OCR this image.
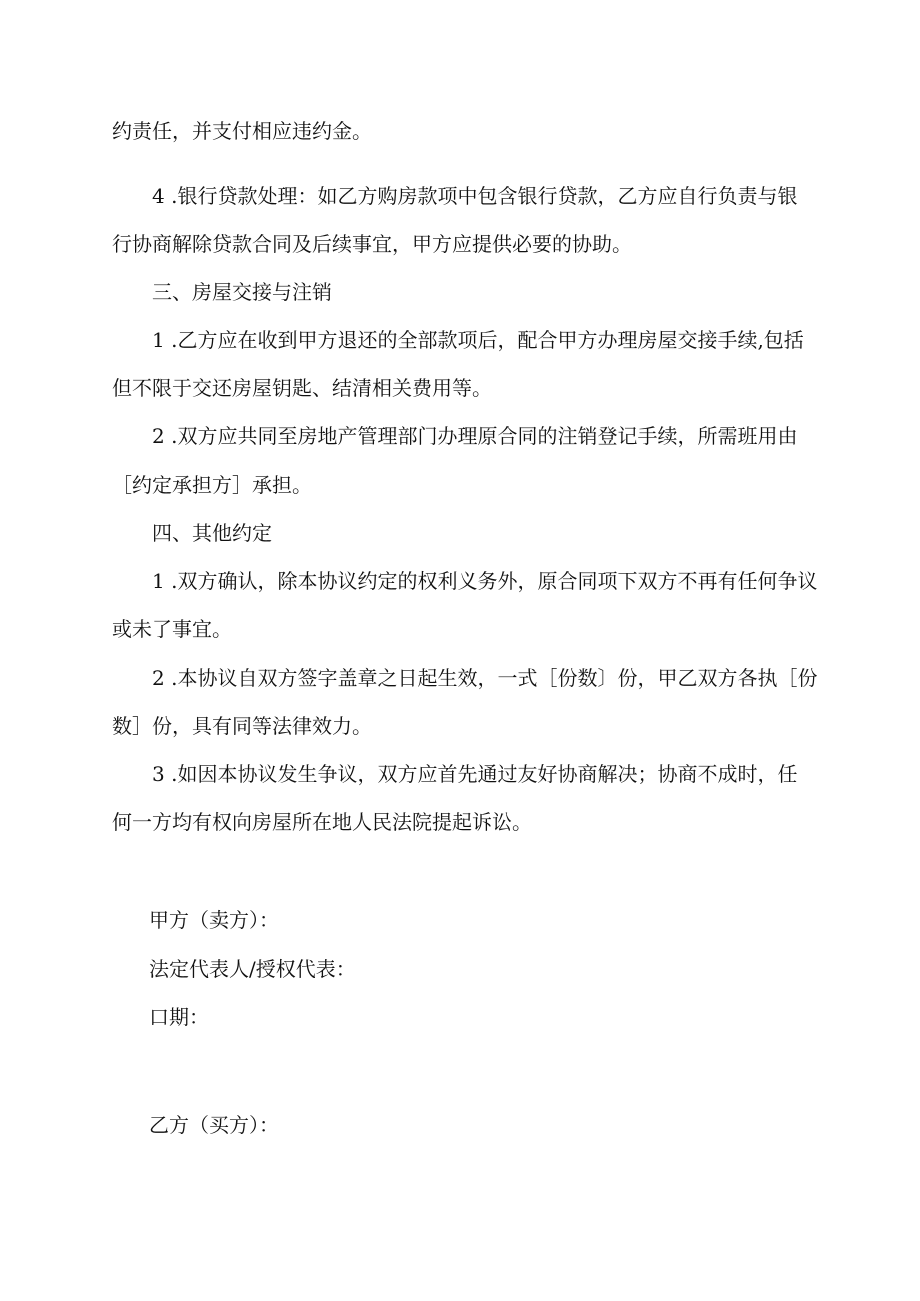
约责任，并支付相应违约金。
4 .银行贷款处理：如乙方购房款项中包含银行贷款，乙方应自行负责与银
行协商解除贷款合同及后续事宜，甲方应提供必要的协助。
三、房屋交接与注销
1 .乙方应在收到甲方退还的全部款项后，配合甲方办理房屋交接手续,包括
但不限于交还房屋钥匙、结清相关费用等。
2 .双方应共同至房地产管理部门办理原合同的注销登记手续，所需班用由
［约定承担方］承担。
四、其他约定
1 .双方确认，除本协议约定的权利义务外，原合同项下双方不再有任何争议
或未了事宜。
2 .本协议自双方签字盖章之日起生效，一式［份数〕份，甲乙双方各执［份
数］份，具有同等法律效力。
3 .如因本协议发生争议，双方应首先通过友好协商解决；协商不成时，任
何一方均有权向房屋所在地人民法院提起诉讼。
甲方（卖方）：
法定代表人/授权代表：
口期：
乙方（买方）：
